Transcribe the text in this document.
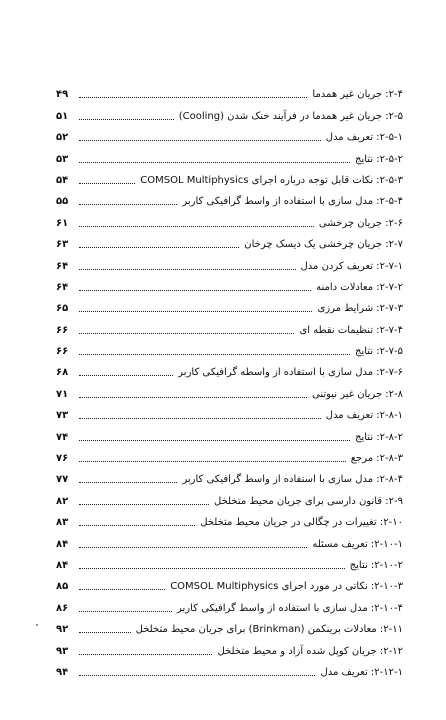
۲-۴: جریان غیر همدما
۴۹
۲-۵: جریان غیر همدما در فرآیند خنک شدن (Cooling)
۵۱
۲-۵-۱: تعریف مدل
۵۲
۲-۵-۲: نتایج
۵۳
۲-۵-۳: نکات قابل توجه درباره اجرای COMSOL Multiphysics
۵۴
۲-۵-۴: مدل سازی با استفاده از واسط گرافیکی کاربر
۵۵
۲-۶: جریان چرخشی
۶۱
۲-۷: جریان چرخشی یک دیسک چرخان
۶۳
۲-۷-۱: تعریف کردن مدل
۶۴
۲-۷-۲: معادلات دامنه
۶۴
۲-۷-۳: شرایط مرزی
۶۵
۲-۷-۴: تنظیمات نقطه ای
۶۶
۲-۷-۵: نتایج
۶۶
۲-۷-۶: مدل سازی با استفاده از واسطه گرافیکی کاربر
۶۸
۲-۸: جریان غیر نیوتنی
۷۱
۲-۸-۱: تعریف مدل
۷۳
۲-۸-۲: نتایج
۷۴
۲-۸-۳: مرجع
۷۶
۲-۸-۴: مدل سازی با استفاده از واسط گرافیکی کاربر
۷۷
۲-۹: قانون دارسی برای جریان محیط متخلخل
۸۲
۲-۱۰: تغییرات در چگالی در جریان محیط متخلخل
۸۳
۲-۱۰-۱: تعریف مسئله
۸۴
۲-۱۰-۲: نتایج
۸۴
۲-۱۰-۳: نکاتی در مورد اجرای COMSOL Multiphysics
۸۵
۲-۱۰-۴: مدل سازی با استفاده از واسط گرافیکی کاربر
۸۶
۲-۱۱: معادلات برینکمن (Brinkman) برای جریان محیط متخلخل
۹۲
۲-۱۲: جریان کوپل شده آزاد و محیط متخلخل
۹۳
۲-۱۲-۱: تعریف مدل
۹۴
